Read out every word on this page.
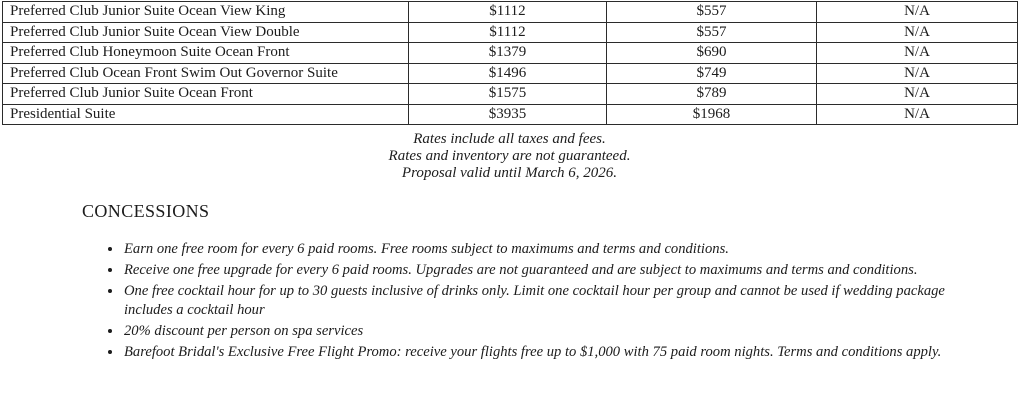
Preferred Club Junior Suite Ocean View King	$1112	$557	N/A
Preferred Club Junior Suite Ocean View Double	$1112	$557	N/A
Preferred Club Honeymoon Suite Ocean Front	$1379	$690	N/A
Preferred Club Ocean Front Swim Out Governor Suite	$1496	$749	N/A
Preferred Club Junior Suite Ocean Front	$1575	$789	N/A
Presidential Suite	$3935	$1968	N/A

Rates include all taxes and fees.

Rates and inventory are not guaranteed.

Proposal valid until March 6, 2026.

CONCESSIONS
• Earn one free room for every 6 paid rooms. Free rooms subject to maximums and terms and conditions.
• Receive one free upgrade for every 6 paid rooms. Upgrades are not guaranteed and are subject to maximums and terms and conditions.
• One free cocktail hour for up to 30 guests inclusive of drinks only. Limit one cocktail hour per group and cannot be used if wedding package includes a cocktail hour
• 20% discount per person on spa services
• Barefoot Bridal's Exclusive Free Flight Promo: receive your flights free up to $1,000 with 75 paid room nights. Terms and conditions apply.
